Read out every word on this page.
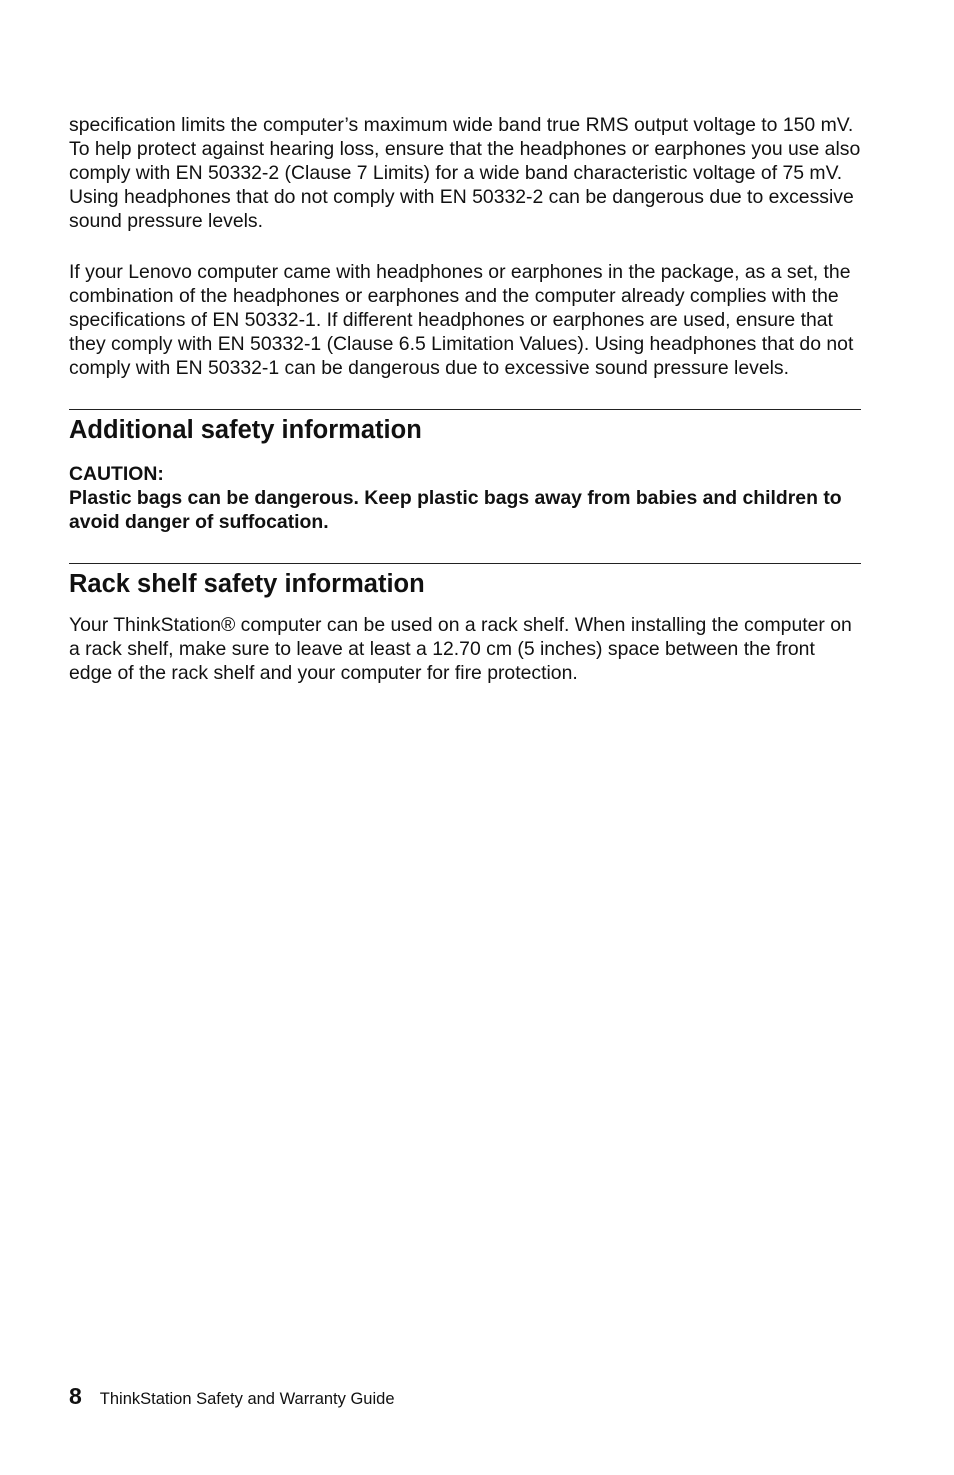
specification limits the computer’s maximum wide band true RMS output voltage to 150 mV. To help protect against hearing loss, ensure that the headphones or earphones you use also comply with EN 50332-2 (Clause 7 Limits) for a wide band characteristic voltage of 75 mV. Using headphones that do not comply with EN 50332-2 can be dangerous due to excessive sound pressure levels.

If your Lenovo computer came with headphones or earphones in the package, as a set, the combination of the headphones or earphones and the computer already complies with the specifications of EN 50332-1. If different headphones or earphones are used, ensure that they comply with EN 50332-1 (Clause 6.5 Limitation Values). Using headphones that do not comply with EN 50332-1 can be dangerous due to excessive sound pressure levels.

Additional safety information
CAUTION:
Plastic bags can be dangerous. Keep plastic bags away from babies and children to avoid danger of suffocation.
Rack shelf safety information

Your ThinkStation® computer can be used on a rack shelf. When installing the computer on a rack shelf, make sure to leave at least a 12.70 cm (5 inches) space between the front edge of the rack shelf and your computer for fire protection.

8 ThinkStation Safety and Warranty Guide
